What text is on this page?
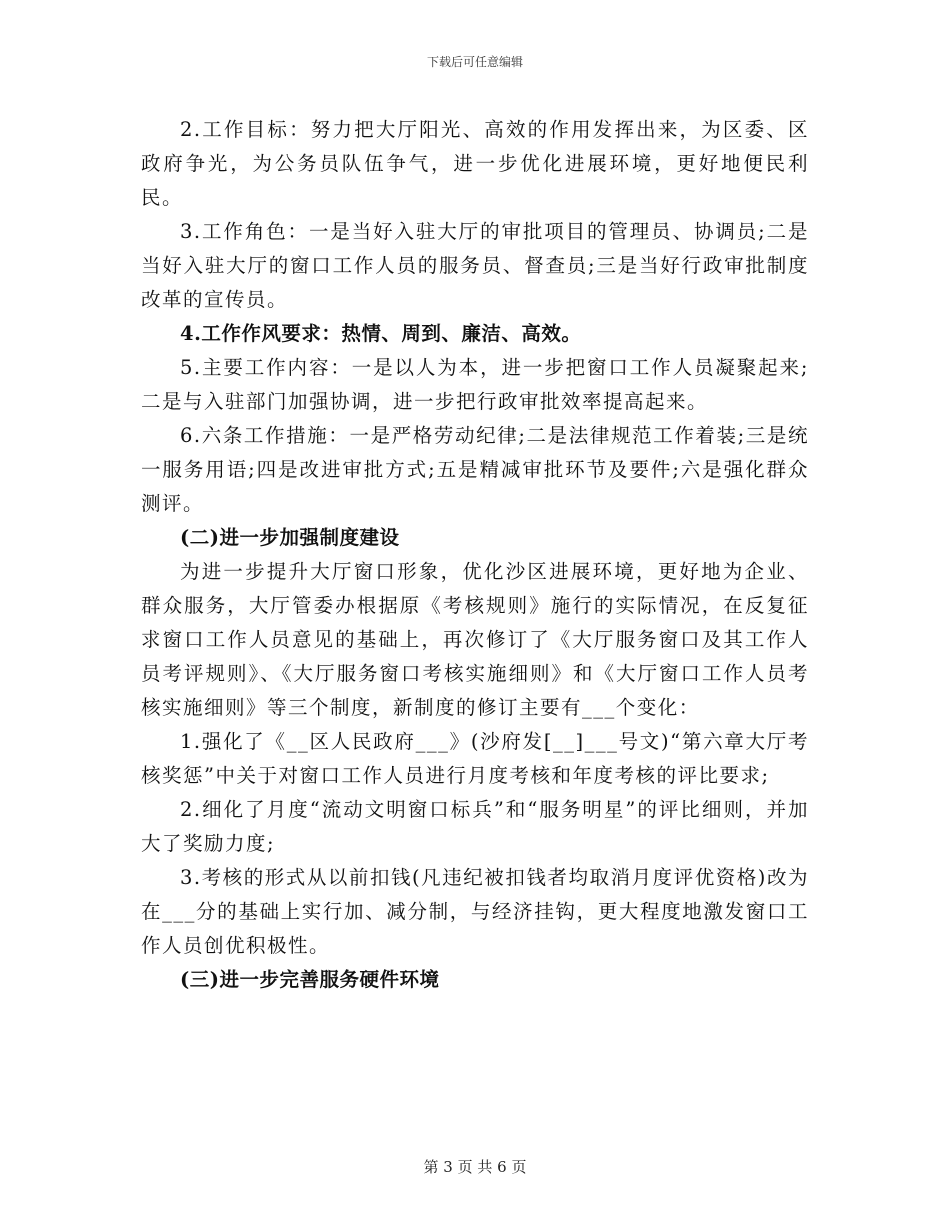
下载后可任意编辑

2.工作目标：努力把大厅阳光、高效的作用发挥出来，为区委、区政府争光，为公务员队伍争气，进一步优化进展环境，更好地便民利民。

3.工作角色：一是当好入驻大厅的审批项目的管理员、协调员;二是当好入驻大厅的窗口工作人员的服务员、督查员;三是当好行政审批制度改革的宣传员。

4.工作作风要求：热情、周到、廉洁、高效。

5.主要工作内容：一是以人为本，进一步把窗口工作人员凝聚起来;二是与入驻部门加强协调，进一步把行政审批效率提高起来。

6.六条工作措施：一是严格劳动纪律;二是法律规范工作着装;三是统一服务用语;四是改进审批方式;五是精减审批环节及要件;六是强化群众测评。

(二)进一步加强制度建设

为进一步提升大厅窗口形象，优化沙区进展环境，更好地为企业、群众服务，大厅管委办根据原《考核规则》施行的实际情况，在反复征求窗口工作人员意见的基础上，再次修订了《大厅服务窗口及其工作人员考评规则》、《大厅服务窗口考核实施细则》和《大厅窗口工作人员考核实施细则》等三个制度，新制度的修订主要有___个变化：

1.强化了《__区人民政府___》(沙府发[__]___号文)“第六章大厅考核奖惩”中关于对窗口工作人员进行月度考核和年度考核的评比要求;

2.细化了月度“流动文明窗口标兵”和“服务明星”的评比细则，并加大了奖励力度;

3.考核的形式从以前扣钱(凡违纪被扣钱者均取消月度评优资格)改为在___分的基础上实行加、减分制，与经济挂钩，更大程度地激发窗口工作人员创优积极性。

(三)进一步完善服务硬件环境

第 3 页 共 6 页
